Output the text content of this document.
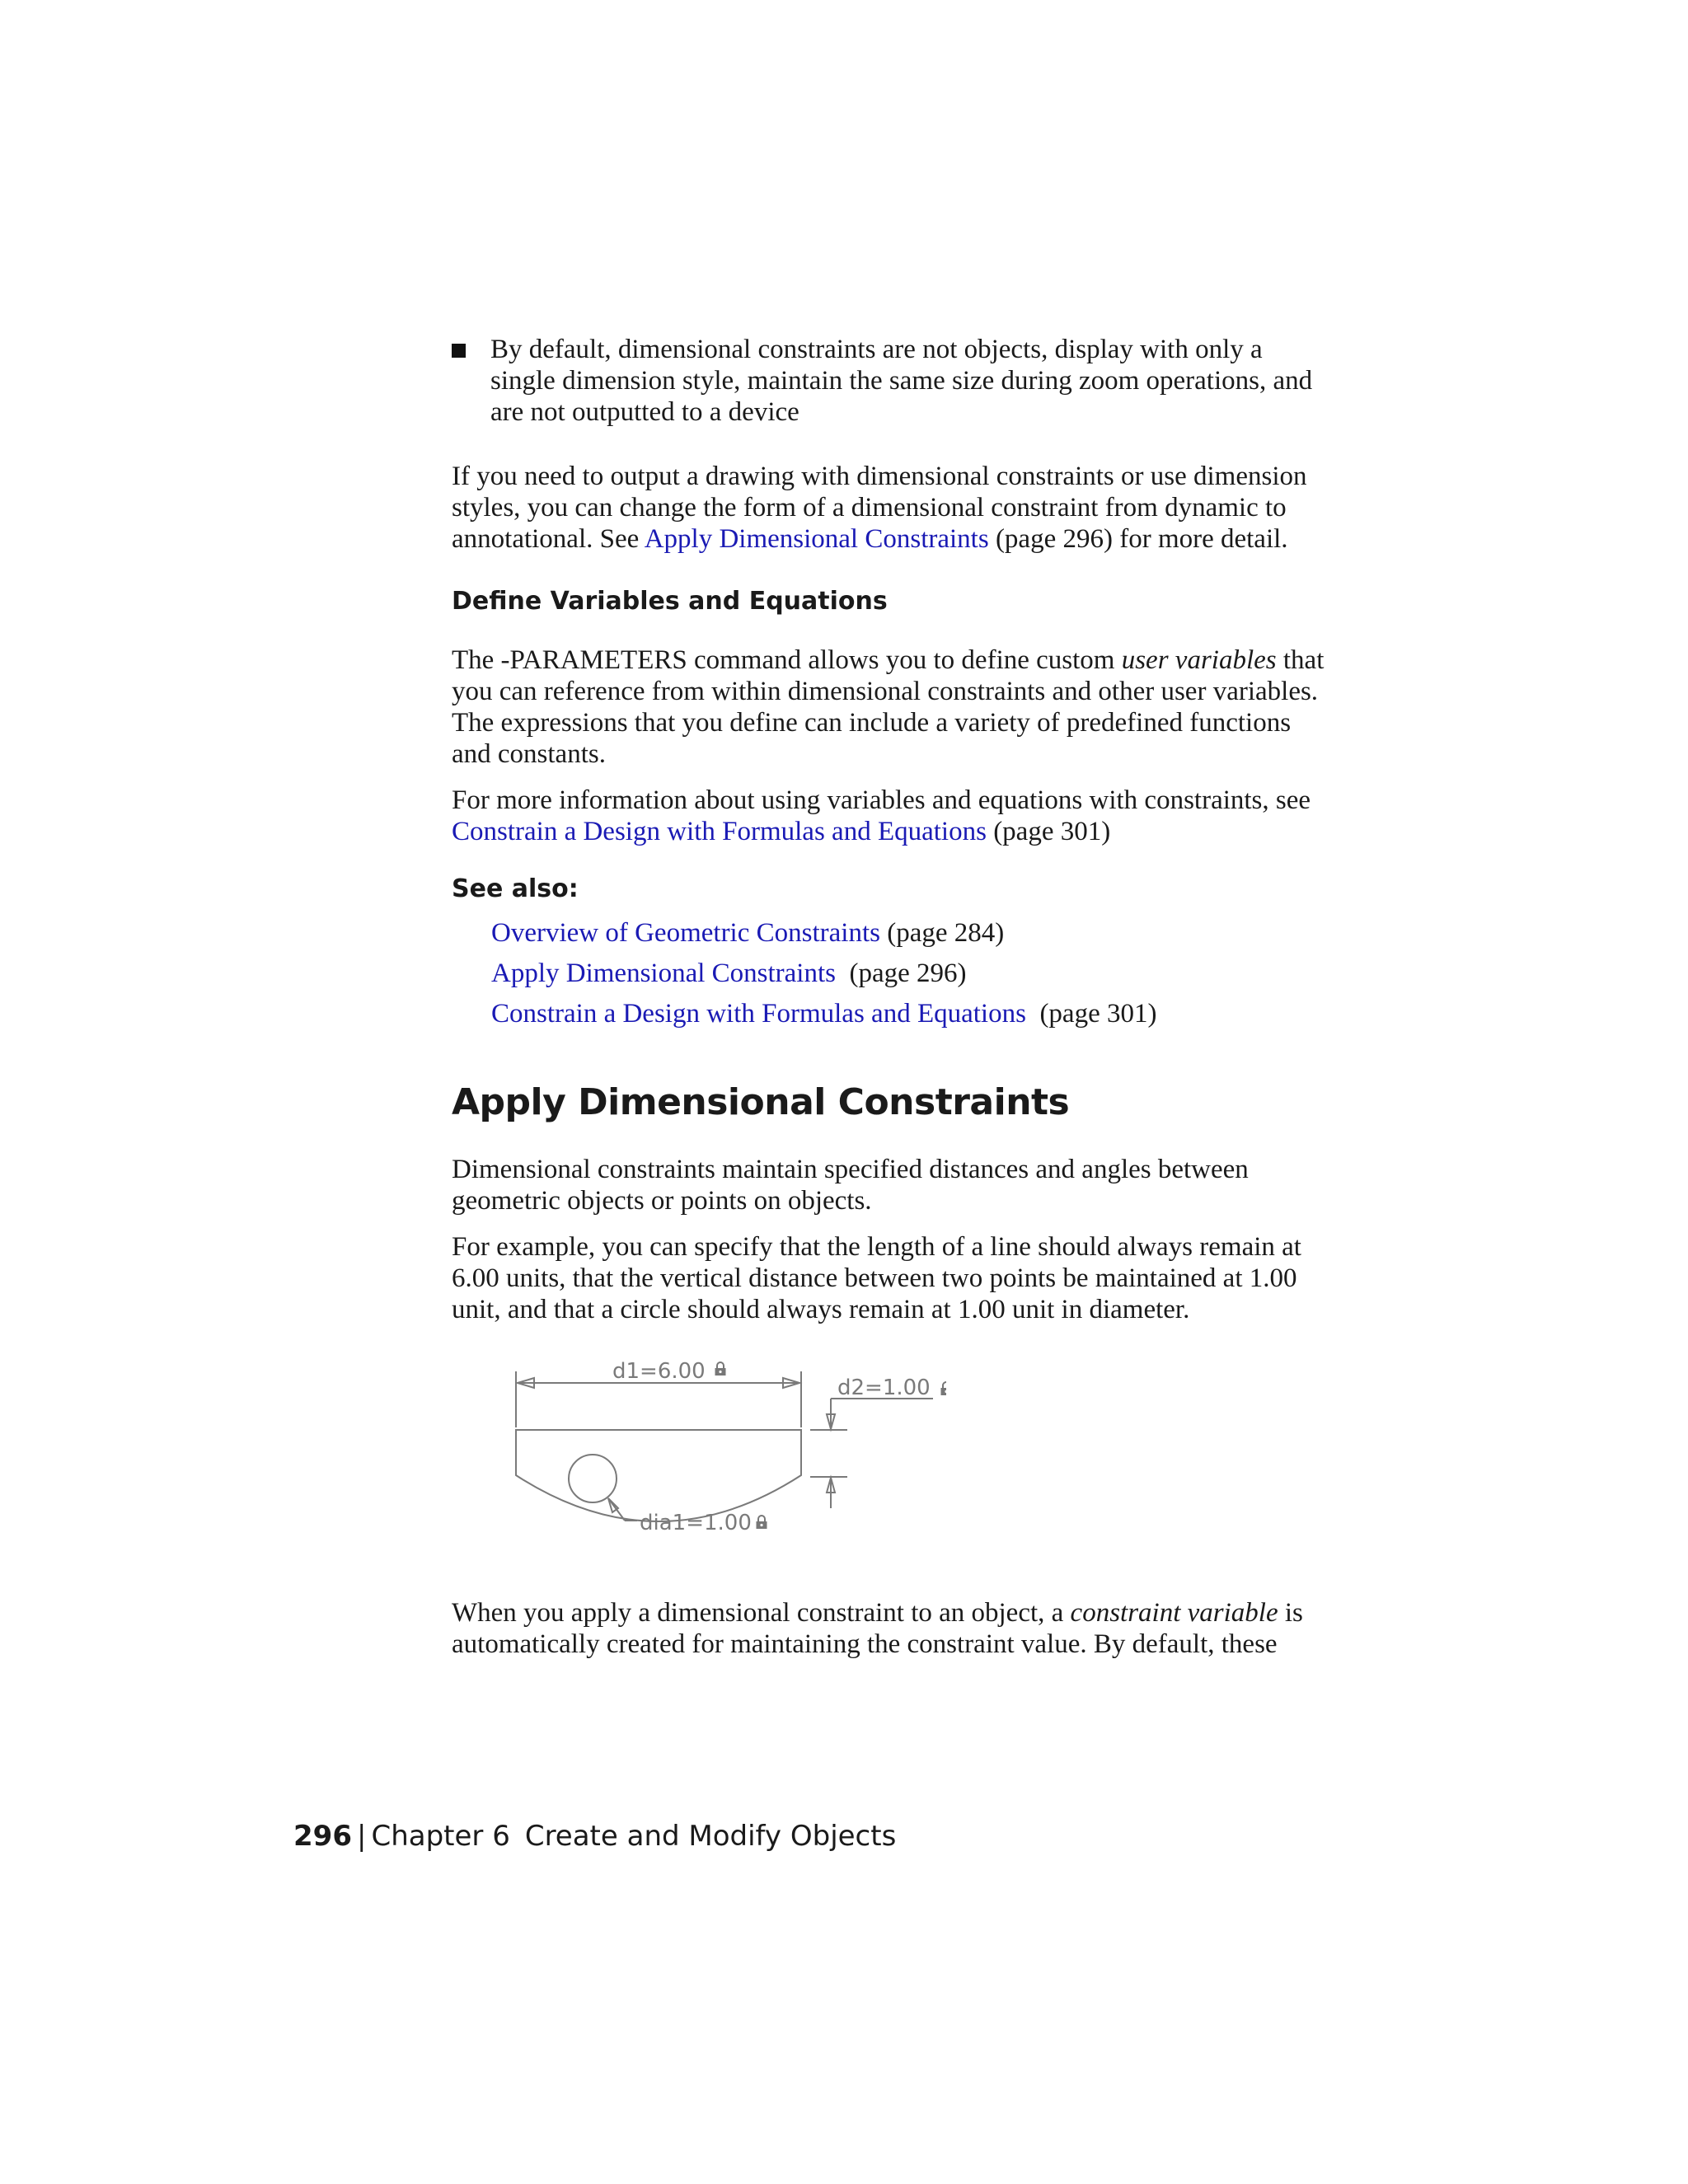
By default, dimensional constraints are not objects, display with only a single dimension style, maintain the same size during zoom operations, and are not outputted to a device

If you need to output a drawing with dimensional constraints or use dimension styles, you can change the form of a dimensional constraint from dynamic to annotational. See Apply Dimensional Constraints (page 296) for more detail.

Define Variables and Equations

The -PARAMETERS command allows you to define custom user variables that you can reference from within dimensional constraints and other user variables. The expressions that you define can include a variety of predefined functions and constants.

For more information about using variables and equations with constraints, see Constrain a Design with Formulas and Equations (page 301)

See also:
Overview of Geometric Constraints (page 284)
Apply Dimensional Constraints  (page 296)
Constrain a Design with Formulas and Equations  (page 301)
Apply Dimensional Constraints

Dimensional constraints maintain specified distances and angles between geometric objects or points on objects.

For example, you can specify that the length of a line should always remain at 6.00 units, that the vertical distance between two points be maintained at 1.00 unit, and that a circle should always remain at 1.00 unit in diameter.

d1=6.00
d2=1.00
dia1=1.00

When you apply a dimensional constraint to an object, a constraint variable is automatically created for maintaining the constraint value. By default, these

296 | Chapter 6 Create and Modify Objects
